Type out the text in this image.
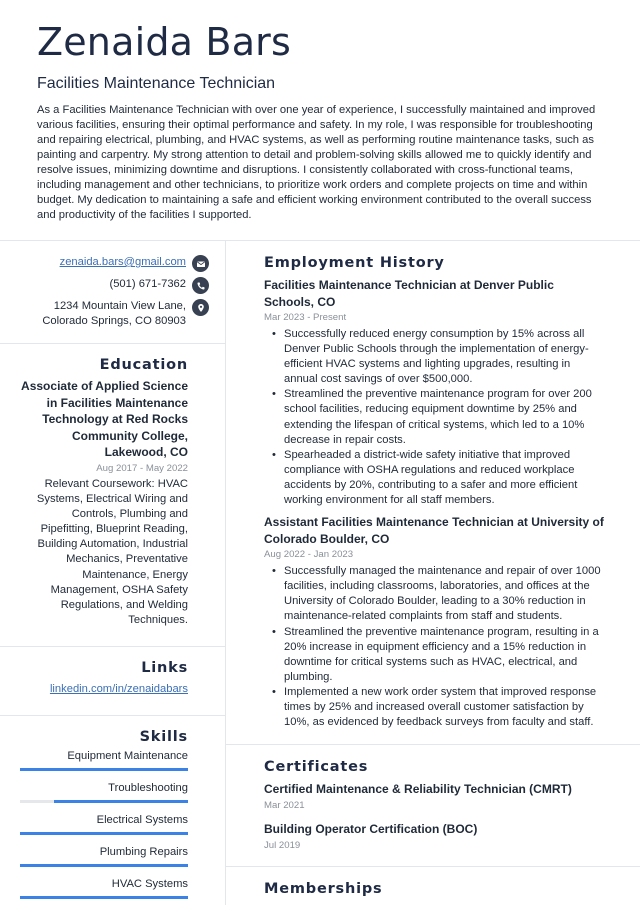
Zenaida Bars
Facilities Maintenance Technician

As a Facilities Maintenance Technician with over one year of experience, I successfully maintained and improved various facilities, ensuring their optimal performance and safety. In my role, I was responsible for troubleshooting and repairing electrical, plumbing, and HVAC systems, as well as performing routine maintenance tasks, such as painting and carpentry. My strong attention to detail and problem-solving skills allowed me to quickly identify and resolve issues, minimizing downtime and disruptions. I consistently collaborated with cross-functional teams, including management and other technicians, to prioritize work orders and complete projects on time and within budget. My dedication to maintaining a safe and efficient working environment contributed to the overall success and productivity of the facilities I supported.

zenaida.bars@gmail.com
(501) 671-7362
1234 Mountain View Lane,
Colorado Springs, CO 80903
Education
Associate of Applied Science in Facilities Maintenance Technology at Red Rocks Community College, Lakewood, CO
Aug 2017 - May 2022
Relevant Coursework: HVAC Systems, Electrical Wiring and Controls, Plumbing and Pipefitting, Blueprint Reading, Building Automation, Industrial Mechanics, Preventative Maintenance, Energy Management, OSHA Safety Regulations, and Welding Techniques.
Links
linkedin.com/in/zenaidabars
Skills
Equipment Maintenance
Troubleshooting
Electrical Systems
Plumbing Repairs
HVAC Systems
Employment History
Facilities Maintenance Technician at Denver Public Schools, CO
Mar 2023 - Present
• Successfully reduced energy consumption by 15% across all Denver Public Schools through the implementation of energy-efficient HVAC systems and lighting upgrades, resulting in annual cost savings of over $500,000.
• Streamlined the preventive maintenance program for over 200 school facilities, reducing equipment downtime by 25% and extending the lifespan of critical systems, which led to a 10% decrease in repair costs.
• Spearheaded a district-wide safety initiative that improved compliance with OSHA regulations and reduced workplace accidents by 20%, contributing to a safer and more efficient working environment for all staff members.
Assistant Facilities Maintenance Technician at University of Colorado Boulder, CO
Aug 2022 - Jan 2023
• Successfully managed the maintenance and repair of over 1000 facilities, including classrooms, laboratories, and offices at the University of Colorado Boulder, leading to a 30% reduction in maintenance-related complaints from staff and students.
• Streamlined the preventive maintenance program, resulting in a 20% increase in equipment efficiency and a 15% reduction in downtime for critical systems such as HVAC, electrical, and plumbing.
• Implemented a new work order system that improved response times by 25% and increased overall customer satisfaction by 10%, as evidenced by feedback surveys from faculty and staff.
Certificates
Certified Maintenance & Reliability Technician (CMRT)
Mar 2021
Building Operator Certification (BOC)
Jul 2019
Memberships
